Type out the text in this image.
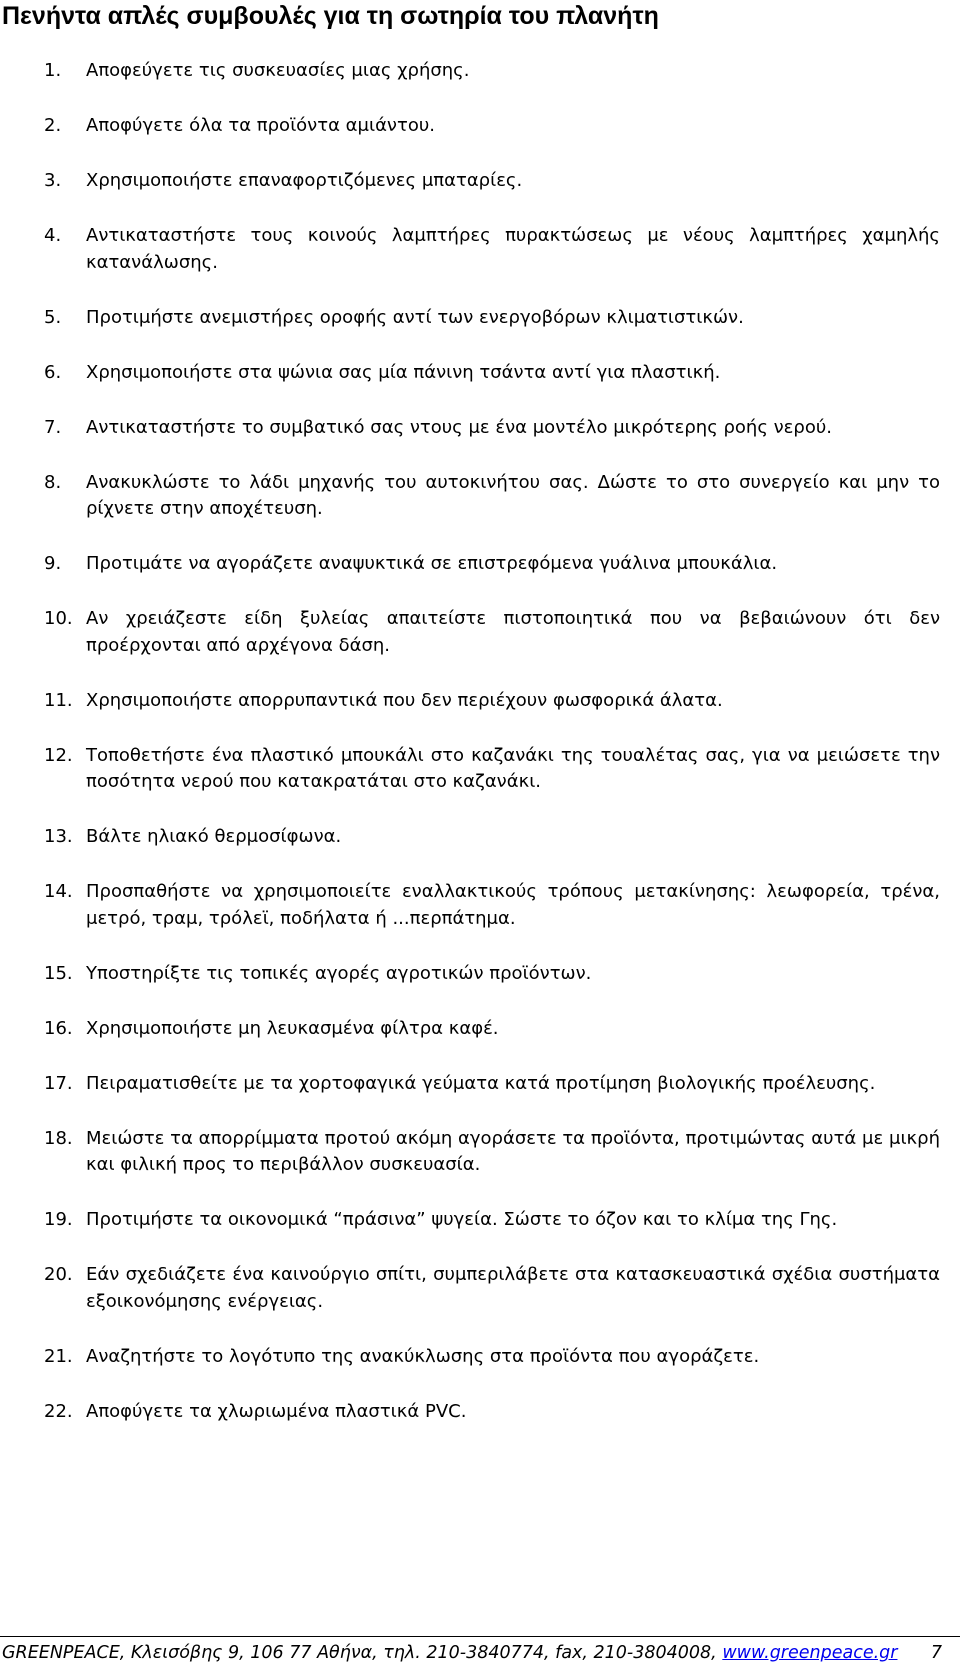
Πενήντα απλές συμβουλές για τη σωτηρία του πλανήτη
1. Αποφεύγετε τις συσκευασίες μιας χρήσης.
2. Αποφύγετε όλα τα προϊόντα αμιάντου.
3. Χρησιμοποιήστε επαναφορτιζόμενες μπαταρίες.
4. Αντικαταστήστε τους κοινούς λαμπτήρες πυρακτώσεως με νέους λαμπτήρες χαμηλής κατανάλωσης.
5. Προτιμήστε ανεμιστήρες οροφής αντί των ενεργοβόρων κλιματιστικών.
6. Χρησιμοποιήστε στα ψώνια σας μία πάνινη τσάντα αντί για πλαστική.
7. Αντικαταστήστε το συμβατικό σας ντους με ένα μοντέλο μικρότερης ροής νερού.
8. Ανακυκλώστε το λάδι μηχανής του αυτοκινήτου σας. Δώστε το στο συνεργείο και μην το ρίχνετε στην αποχέτευση.
9. Προτιμάτε να αγοράζετε αναψυκτικά σε επιστρεφόμενα γυάλινα μπουκάλια.
10. Αν χρειάζεστε είδη ξυλείας απαιτείστε πιστοποιητικά που να βεβαιώνουν ότι δεν προέρχονται από αρχέγονα δάση.
11. Χρησιμοποιήστε απορρυπαντικά που δεν περιέχουν φωσφορικά άλατα.
12. Τοποθετήστε ένα πλαστικό μπουκάλι στο καζανάκι της τουαλέτας σας, για να μειώσετε την ποσότητα νερού που κατακρατάται στο καζανάκι.
13. Βάλτε ηλιακό θερμοσίφωνα.
14. Προσπαθήστε να χρησιμοποιείτε εναλλακτικούς τρόπους μετακίνησης: λεωφορεία, τρένα, μετρό, τραμ, τρόλεϊ, ποδήλατα ή ...περπάτημα.
15. Υποστηρίξτε τις τοπικές αγορές αγροτικών προϊόντων.
16. Χρησιμοποιήστε μη λευκασμένα φίλτρα καφέ.
17. Πειραματισθείτε με τα χορτοφαγικά γεύματα κατά προτίμηση βιολογικής προέλευσης.
18. Μειώστε τα απορρίμματα προτού ακόμη αγοράσετε τα προϊόντα, προτιμώντας αυτά με μικρή και φιλική προς το περιβάλλον συσκευασία.
19. Προτιμήστε τα οικονομικά “πράσινα” ψυγεία. Σώστε το όζον και το κλίμα της Γης.
20. Εάν σχεδιάζετε ένα καινούργιο σπίτι, συμπεριλάβετε στα κατασκευαστικά σχέδια συστήματα εξοικονόμησης ενέργειας.
21. Αναζητήστε το λογότυπο της ανακύκλωσης στα προϊόντα που αγοράζετε.
22. Αποφύγετε τα χλωριωμένα πλαστικά PVC.
GREENPEACE, Κλεισόβης 9, 106 77 Αθήνα, τηλ. 210-3840774, fax, 210-3804008, www.greenpeace.gr 7
